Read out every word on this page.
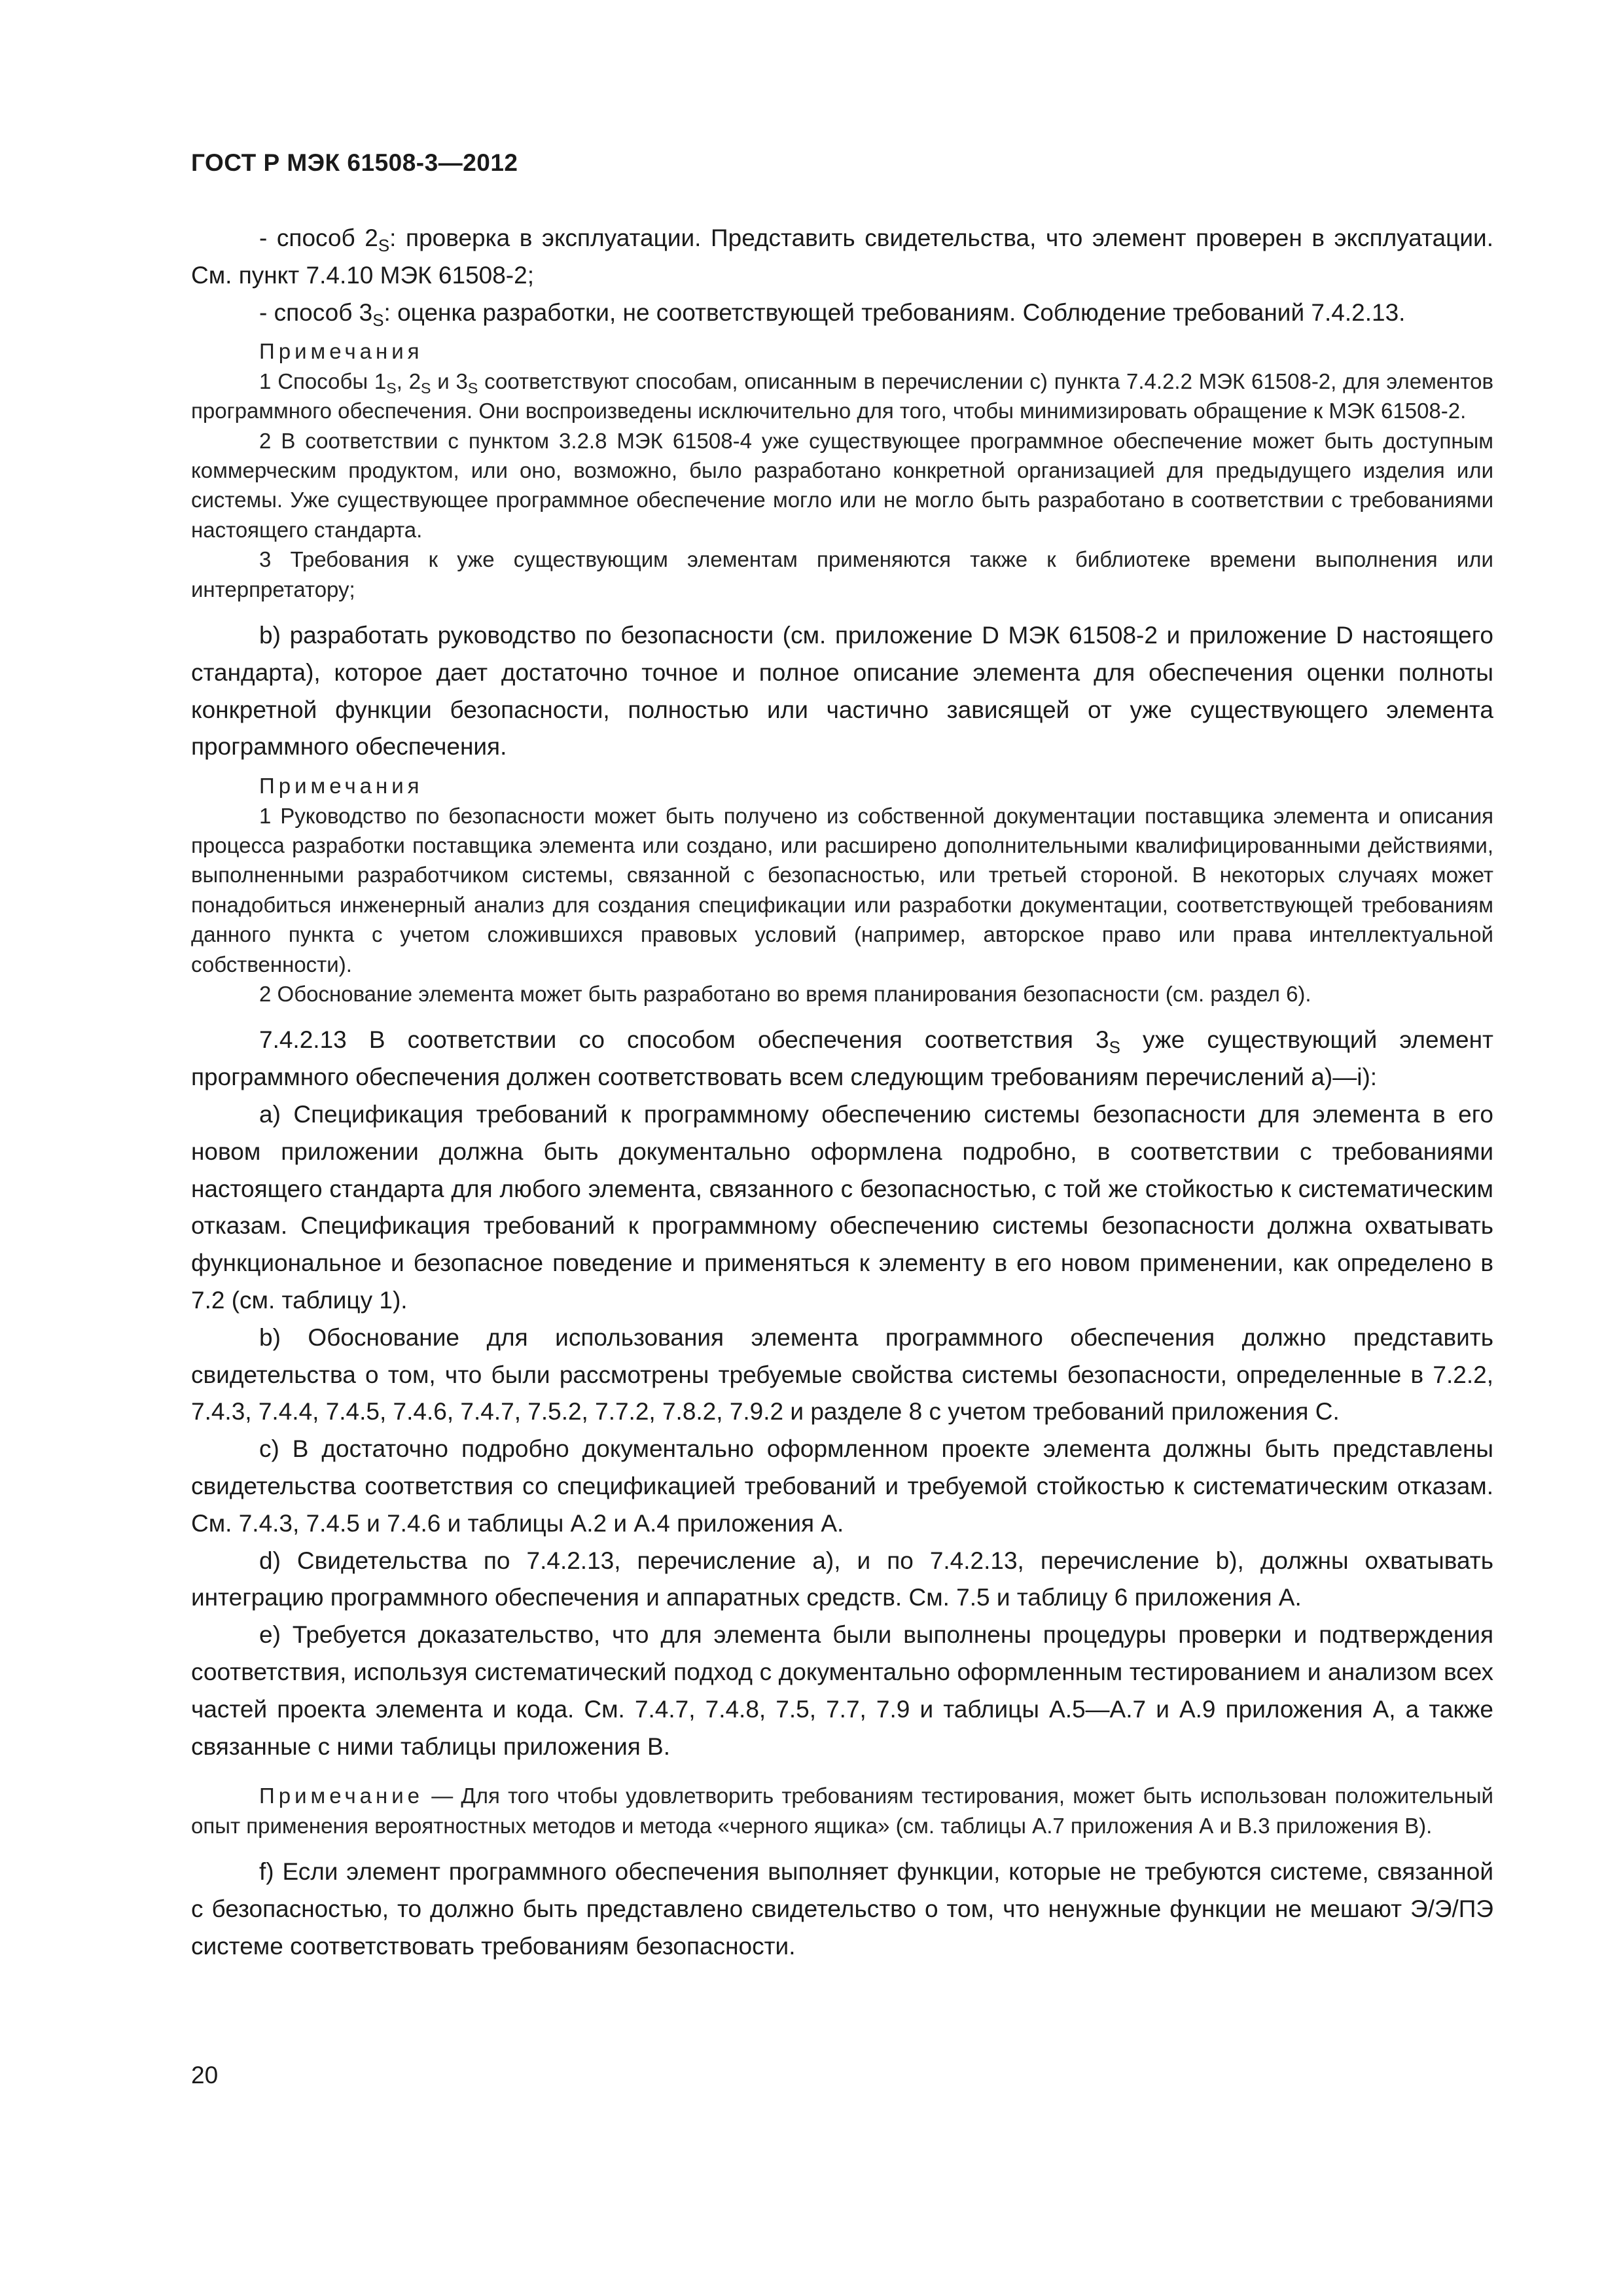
ГОСТ Р МЭК 61508-3—2012

- способ $2_S$: проверка в эксплуатации. Представить свидетельства, что элемент проверен в эксплуатации. См. пункт 7.4.10 МЭК 61508-2;

- способ $3_S$: оценка разработки, не соответствующей требованиям. Соблюдение требований 7.4.2.13.

Примечания

1 Способы $1_S$, $2_S$ и $3_S$ соответствуют способам, описанным в перечислении c) пункта 7.4.2.2 МЭК 61508-2, для элементов программного обеспечения. Они воспроизведены исключительно для того, чтобы минимизировать обращение к МЭК 61508-2.

2 В соответствии с пунктом 3.2.8 МЭК 61508-4 уже существующее программное обеспечение может быть доступным коммерческим продуктом, или оно, возможно, было разработано конкретной организацией для предыдущего изделия или системы. Уже существующее программное обеспечение могло или не могло быть разработано в соответствии с требованиями настоящего стандарта.

3 Требования к уже существующим элементам применяются также к библиотеке времени выполнения или интерпретатору;

b) разработать руководство по безопасности (см. приложение D МЭК 61508-2 и приложение D настоящего стандарта), которое дает достаточно точное и полное описание элемента для обеспечения оценки полноты конкретной функции безопасности, полностью или частично зависящей от уже существующего элемента программного обеспечения.

Примечания

1 Руководство по безопасности может быть получено из собственной документации поставщика элемента и описания процесса разработки поставщика элемента или создано, или расширено дополнительными квалифицированными действиями, выполненными разработчиком системы, связанной с безопасностью, или третьей стороной. В некоторых случаях может понадобиться инженерный анализ для создания спецификации или разработки документации, соответствующей требованиям данного пункта с учетом сложившихся правовых условий (например, авторское право или права интеллектуальной собственности).

2 Обоснование элемента может быть разработано во время планирования безопасности (см. раздел 6).

7.4.2.13 В соответствии со способом обеспечения соответствия $3_S$ уже существующий элемент программного обеспечения должен соответствовать всем следующим требованиям перечислений а)—i):

a) Спецификация требований к программному обеспечению системы безопасности для элемента в его новом приложении должна быть документально оформлена подробно, в соответствии с требованиями настоящего стандарта для любого элемента, связанного с безопасностью, с той же стойкостью к систематическим отказам. Спецификация требований к программному обеспечению системы безопасности должна охватывать функциональное и безопасное поведение и применяться к элементу в его новом применении, как определено в 7.2 (см. таблицу 1).

b) Обоснование для использования элемента программного обеспечения должно представить свидетельства о том, что были рассмотрены требуемые свойства системы безопасности, определенные в 7.2.2, 7.4.3, 7.4.4, 7.4.5, 7.4.6, 7.4.7, 7.5.2, 7.7.2, 7.8.2, 7.9.2 и разделе 8 с учетом требований приложения С.

c) В достаточно подробно документально оформленном проекте элемента должны быть представлены свидетельства соответствия со спецификацией требований и требуемой стойкостью к систематическим отказам. См. 7.4.3, 7.4.5 и 7.4.6 и таблицы А.2 и А.4 приложения А.

d) Свидетельства по 7.4.2.13, перечисление а), и по 7.4.2.13, перечисление b), должны охватывать интеграцию программного обеспечения и аппаратных средств. См. 7.5 и таблицу 6 приложения А.

e) Требуется доказательство, что для элемента были выполнены процедуры проверки и подтверждения соответствия, используя систематический подход с документально оформленным тестированием и анализом всех частей проекта элемента и кода. См. 7.4.7, 7.4.8, 7.5, 7.7, 7.9 и таблицы А.5—А.7 и А.9 приложения А, а также связанные с ними таблицы приложения В.

Примечание — Для того чтобы удовлетворить требованиям тестирования, может быть использован положительный опыт применения вероятностных методов и метода «черного ящика» (см. таблицы А.7 приложения А и В.3 приложения В).

f) Если элемент программного обеспечения выполняет функции, которые не требуются системе, связанной с безопасностью, то должно быть представлено свидетельство о том, что ненужные функции не мешают Э/Э/ПЭ системе соответствовать требованиям безопасности.

20
